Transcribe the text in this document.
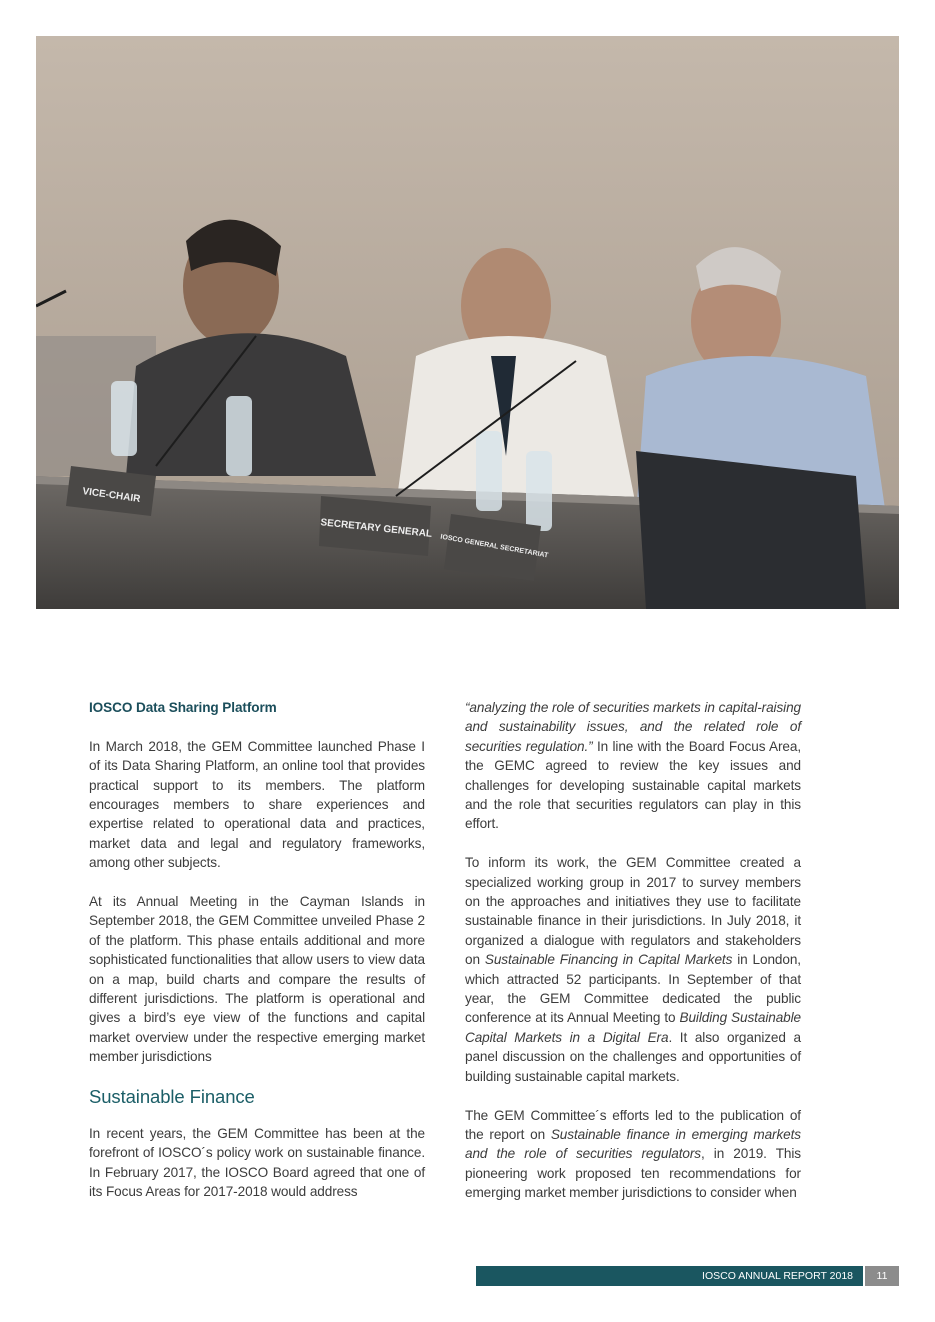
VICE-CHAIR
SECRETARY GENERAL
IOSCO GENERAL SECRETARIAT

IOSCO Data Sharing Platform

In March 2018, the GEM Committee launched Phase I of its Data Sharing Platform, an online tool that provides practical support to its members. The platform encourages members to share experiences and expertise related to operational data and practices, market data and legal and regulatory frameworks, among other subjects.

At its Annual Meeting in the Cayman Islands in September 2018, the GEM Committee unveiled Phase 2 of the platform. This phase entails additional and more sophisticated functionalities that allow users to view data on a map, build charts and compare the results of different jurisdictions. The platform is operational and gives a bird’s eye view of the functions and capital market overview under the respective emerging market member jurisdictions

Sustainable Finance

In recent years, the GEM Committee has been at the forefront of IOSCO´s policy work on sustainable finance. In February 2017, the IOSCO Board agreed that one of its Focus Areas for 2017-2018 would address

“analyzing the role of securities markets in capital-raising and sustainability issues, and the related role of securities regulation.” In line with the Board Focus Area, the GEMC agreed to review the key issues and challenges for developing sustainable capital markets and the role that securities regulators can play in this effort.

To inform its work, the GEM Committee created a specialized working group in 2017 to survey members on the approaches and initiatives they use to facilitate sustainable finance in their jurisdictions. In July 2018, it organized a dialogue with regulators and stakeholders on Sustainable Financing in Capital Markets in London, which attracted 52 participants. In September of that year, the GEM Committee dedicated the public conference at its Annual Meeting to Building Sustainable Capital Markets in a Digital Era. It also organized a panel discussion on the challenges and opportunities of building sustainable capital markets.

The GEM Committee´s efforts led to the publication of the report on Sustainable finance in emerging markets and the role of securities regulators, in 2019. This pioneering work proposed ten recommendations for emerging market member jurisdictions to consider when

IOSCO ANNUAL REPORT 2018	11
